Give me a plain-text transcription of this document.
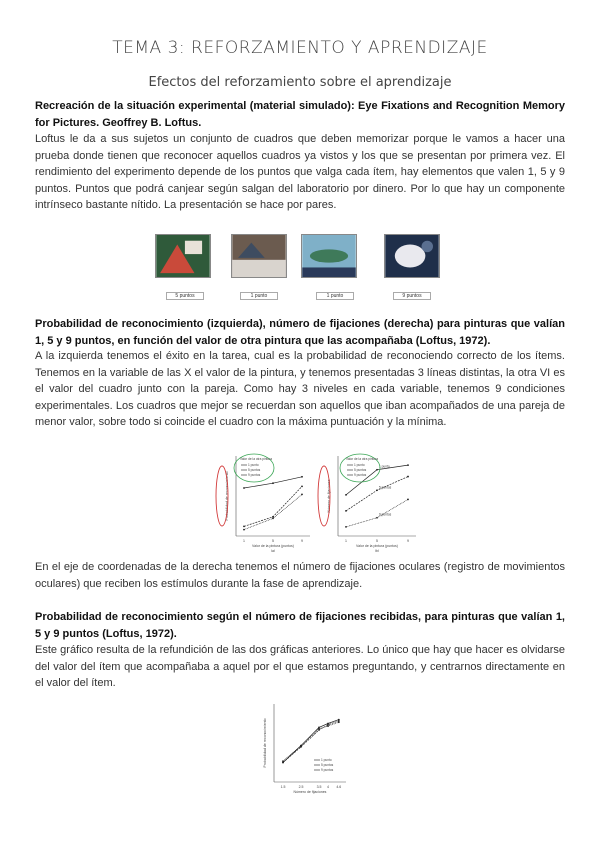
TEMA 3: REFORZAMIENTO Y APRENDIZAJE
Efectos del reforzamiento sobre el aprendizaje
Recreación de la situación experimental (material simulado): Eye Fixations and Recognition Memory for Pictures. Geoffrey B. Loftus.
Loftus le da a sus sujetos un conjunto de cuadros que deben memorizar porque le vamos a hacer una prueba donde tienen que reconocer aquellos cuadros ya vistos y los que se presentan por primera vez. El rendimiento del experimento depende de los puntos que valga cada ítem, hay elementos que valen 1, 5 y 9 puntos. Puntos que podrá canjear según salgan del laboratorio por dinero. Por lo que hay un componente intrínseco bastante nítido. La presentación se hace por pares.
5 puntos	1 punto	1 punto	9 puntos
Probabilidad de reconocimiento (izquierda), número de fijaciones (derecha) para pinturas que valían 1, 5 y 9 puntos, en función del valor de otra pintura que las acompañaba (Loftus, 1972).
A la izquierda tenemos el éxito en la tarea, cual es la probabilidad de reconociendo correcto de los ítems. Tenemos en la variable de las X el valor de la pintura, y tenemos presentadas 3 líneas distintas, la otra VI es el valor del cuadro junto con la pareja. Como hay 3 niveles en cada variable, tenemos 9 condiciones experimentales. Los cuadros que mejor se recuerdan son aquellos que iban acompañados de una pareja de menor valor, sobre todo si coincide el cuadro con la máxima puntuación y la mínima.
1	5	9
Valor de la pintura (puntos)
Probabilidad de reconocimiento
(a)
Valor de la otra pintura
1 punto
5 puntos
9 puntos
1	5	9
Valor de la pintura (puntos)
Número de fijaciones
(b)
1 punto
5 puntos
9 puntos
Valor de la otra pintura
1 punto
5 puntos
9 puntos
En el eje de coordenadas de la derecha tenemos el número de fijaciones oculares (registro de movimientos oculares) que reciben los estímulos durante la fase de aprendizaje.
Probabilidad de reconocimiento según el número de fijaciones recibidas, para pinturas que valían 1, 5 y 9 puntos (Loftus, 1972).
Este gráfico resulta de la refundición de las dos gráficas anteriores. Lo único que hay que hacer es olvidarse del valor del ítem que acompañaba a aquel por el que estamos preguntando, y centrarnos directamente en el valor del ítem.
1.5	2.5	3.5 4 4.6
Número de fijaciones
Probabilidad de reconocimiento	1 punto
5 puntos
9 puntos
